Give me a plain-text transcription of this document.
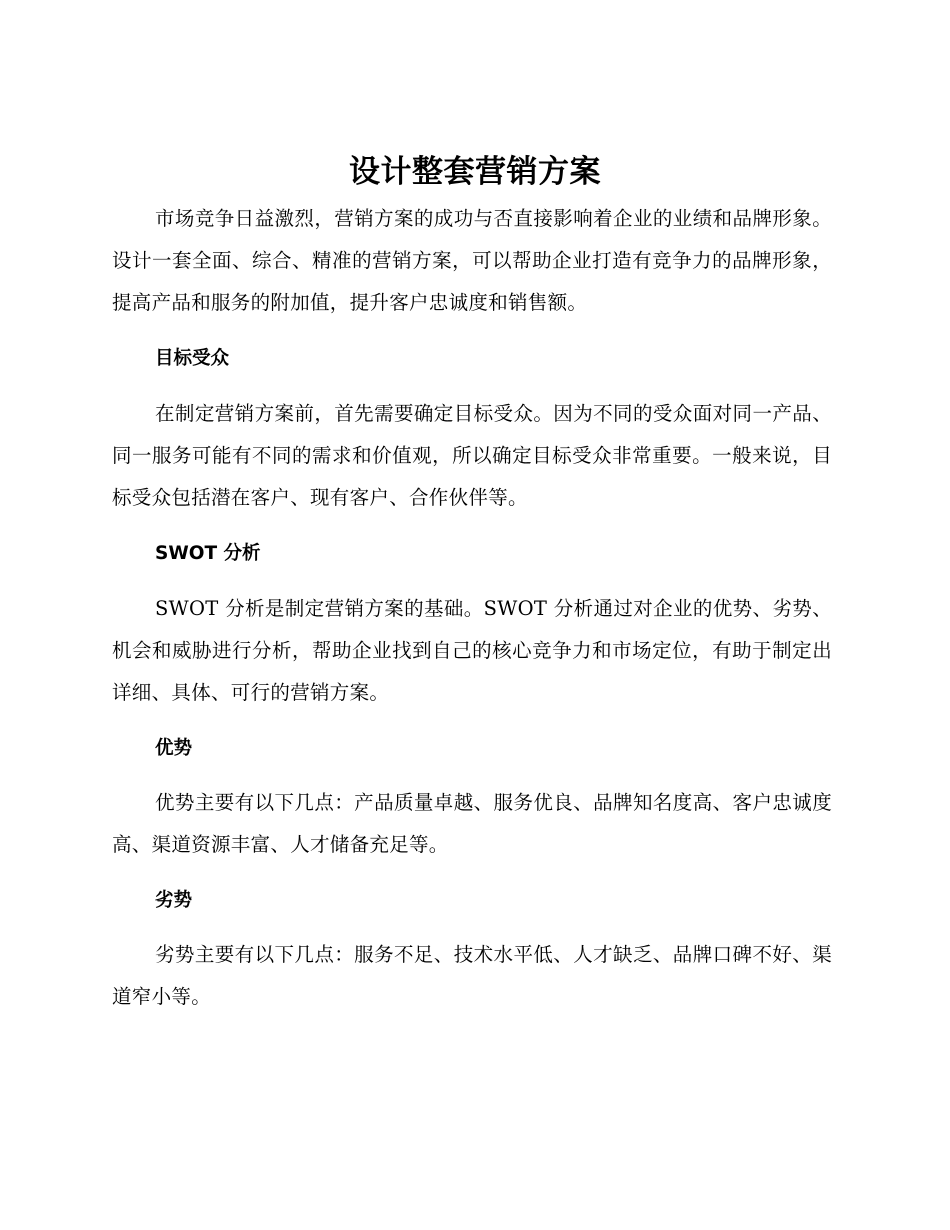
设计整套营销方案

市场竞争日益激烈，营销方案的成功与否直接影响着企业的业绩和品牌形象。设计一套全面、综合、精准的营销方案，可以帮助企业打造有竞争力的品牌形象，提高产品和服务的附加值，提升客户忠诚度和销售额。

目标受众

在制定营销方案前，首先需要确定目标受众。因为不同的受众面对同一产品、同一服务可能有不同的需求和价值观，所以确定目标受众非常重要。一般来说，目标受众包括潜在客户、现有客户、合作伙伴等。

SWOT 分析

SWOT 分析是制定营销方案的基础。SWOT 分析通过对企业的优势、劣势、机会和威胁进行分析，帮助企业找到自己的核心竞争力和市场定位，有助于制定出详细、具体、可行的营销方案。

优势

优势主要有以下几点：产品质量卓越、服务优良、品牌知名度高、客户忠诚度高、渠道资源丰富、人才储备充足等。

劣势

劣势主要有以下几点：服务不足、技术水平低、人才缺乏、品牌口碑不好、渠道窄小等。
